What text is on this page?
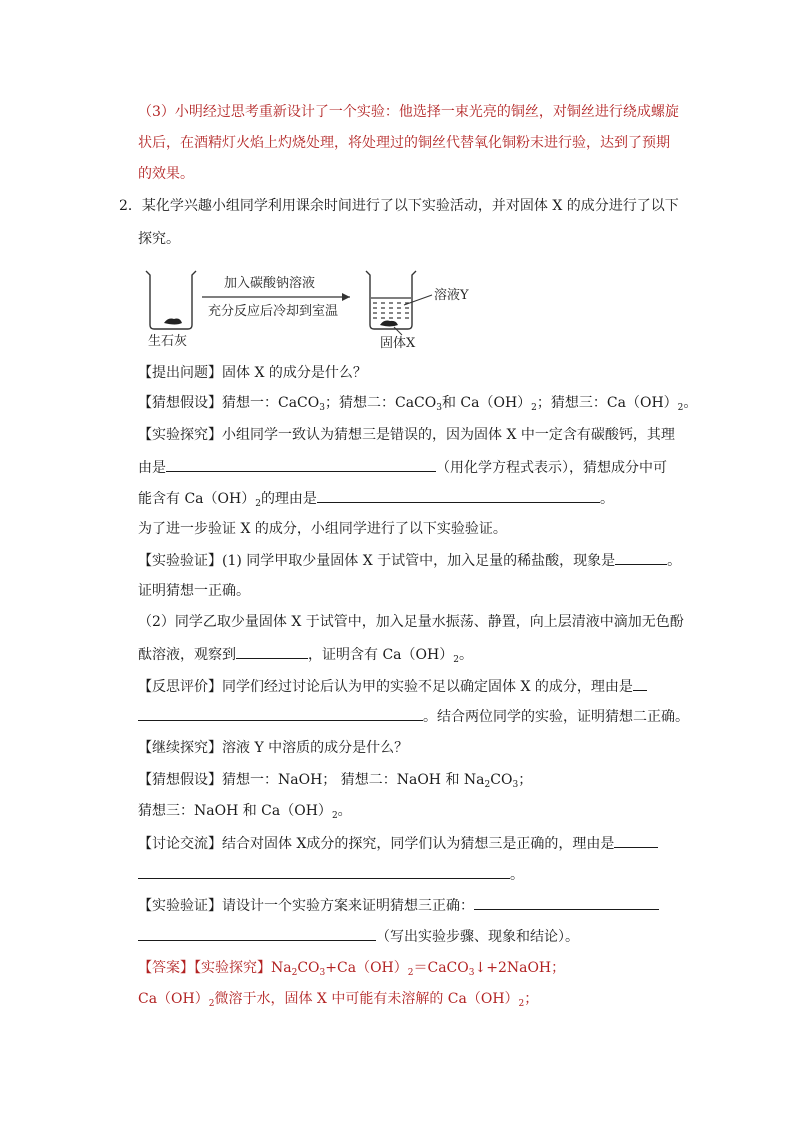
（3）小明经过思考重新设计了一个实验：他选择一束光亮的铜丝，对铜丝进行绕成螺旋
状后，在酒精灯火焰上灼烧处理，将处理过的铜丝代替氧化铜粉末进行验，达到了预期
的效果。
2．某化学兴趣小组同学利用课余时间进行了以下实验活动，并对固体 X 的成分进行了以下
探究。
生石灰
加入碳酸钠溶液
充分反应后冷却到室温
溶液Y
固体X
【提出问题】固体 X 的成分是什么？
【猜想假设】猜想一：CaCO$_3$；猜想二：CaCO$_3$和 $Ca(OH)_2$；猜想三：$Ca(OH)_2$。
【实验探究】小组同学一致认为猜想三是错误的，因为固体 X 中一定含有碳酸钙，其理
由是	（用化学方程式表示），猜想成分中可
能含有 $Ca(OH)_2$的理由是	。
为了进一步验证 X 的成分，小组同学进行了以下实验验证。
【实验验证】(1) 同学甲取少量固体 X 于试管中，加入足量的稀盐酸，现象是	。
证明猜想一正确。
（2）同学乙取少量固体 X 于试管中，加入足量水振荡、静置，向上层清液中滴加无色酚
酞溶液，观察到	，证明含有 $Ca(OH)_2$。
【反思评价】同学们经过讨论后认为甲的实验不足以确定固体 X 的成分，理由是
。结合两位同学的实验，证明猜想二正确。
【继续探究】溶液 Y 中溶质的成分是什么？
【猜想假设】猜想一：NaOH； 猜想二：NaOH 和 $Na_2CO_3$；
猜想三：NaOH 和 $Ca(OH)_2$。
【讨论交流】结合对固体 X成分的探究，同学们认为猜想三是正确的，理由是
。
【实验验证】请设计一个实验方案来证明猜想三正确：
（写出实验步骤、现象和结论）。
【答案】【实验探究】$Na_2CO_3+Ca(OH)_2=CaCO_3↓+2NaOH$；
$Ca(OH)_2$微溶于水，固体 X 中可能有未溶解的 $Ca(OH)_2$；
